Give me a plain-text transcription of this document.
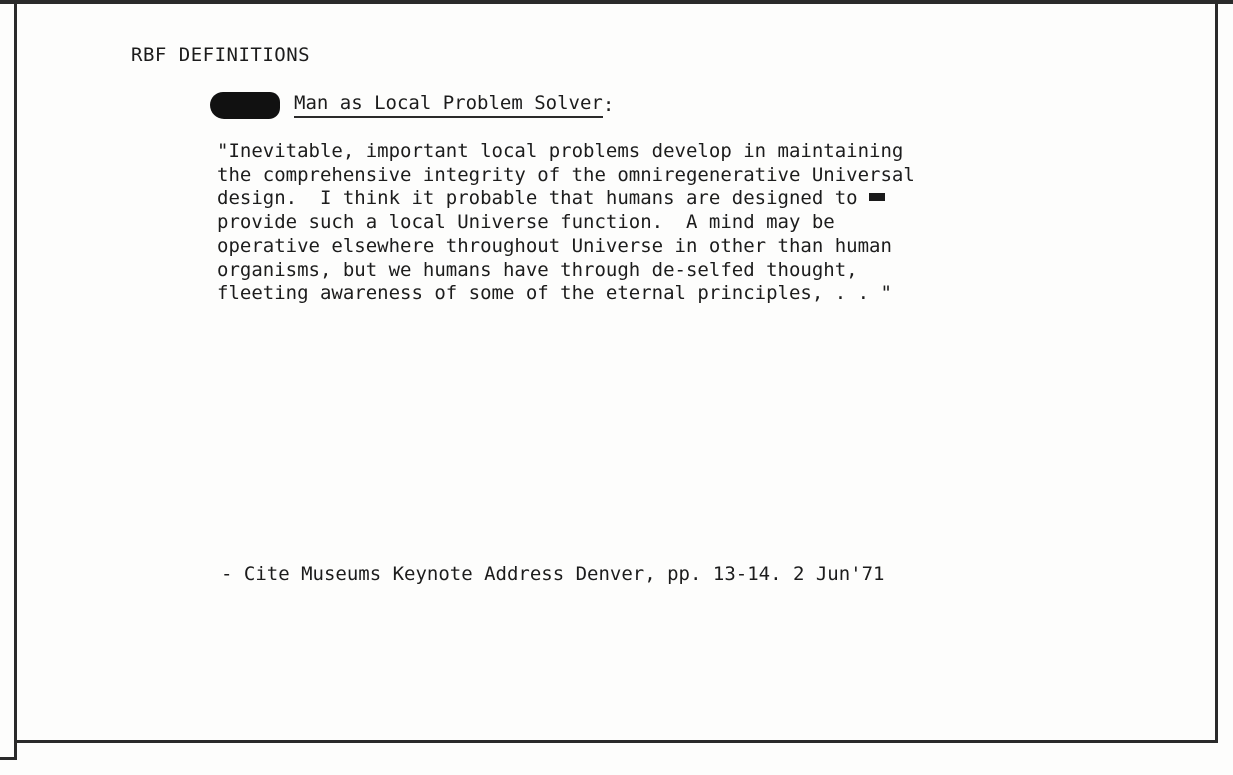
RBF DEFINITIONS
Man as Local Problem Solver :
"Inevitable, important local problems develop in maintaining
the comprehensive integrity of the omniregenerative Universal
design.  I think it probable that humans are designed to
provide such a local Universe function.  A mind may be
operative elsewhere throughout Universe in other than human
organisms, but we humans have through de-selfed thought,
fleeting awareness of some of the eternal principles, . . "
- Cite Museums Keynote Address Denver, pp. 13-14. 2 Jun'71
